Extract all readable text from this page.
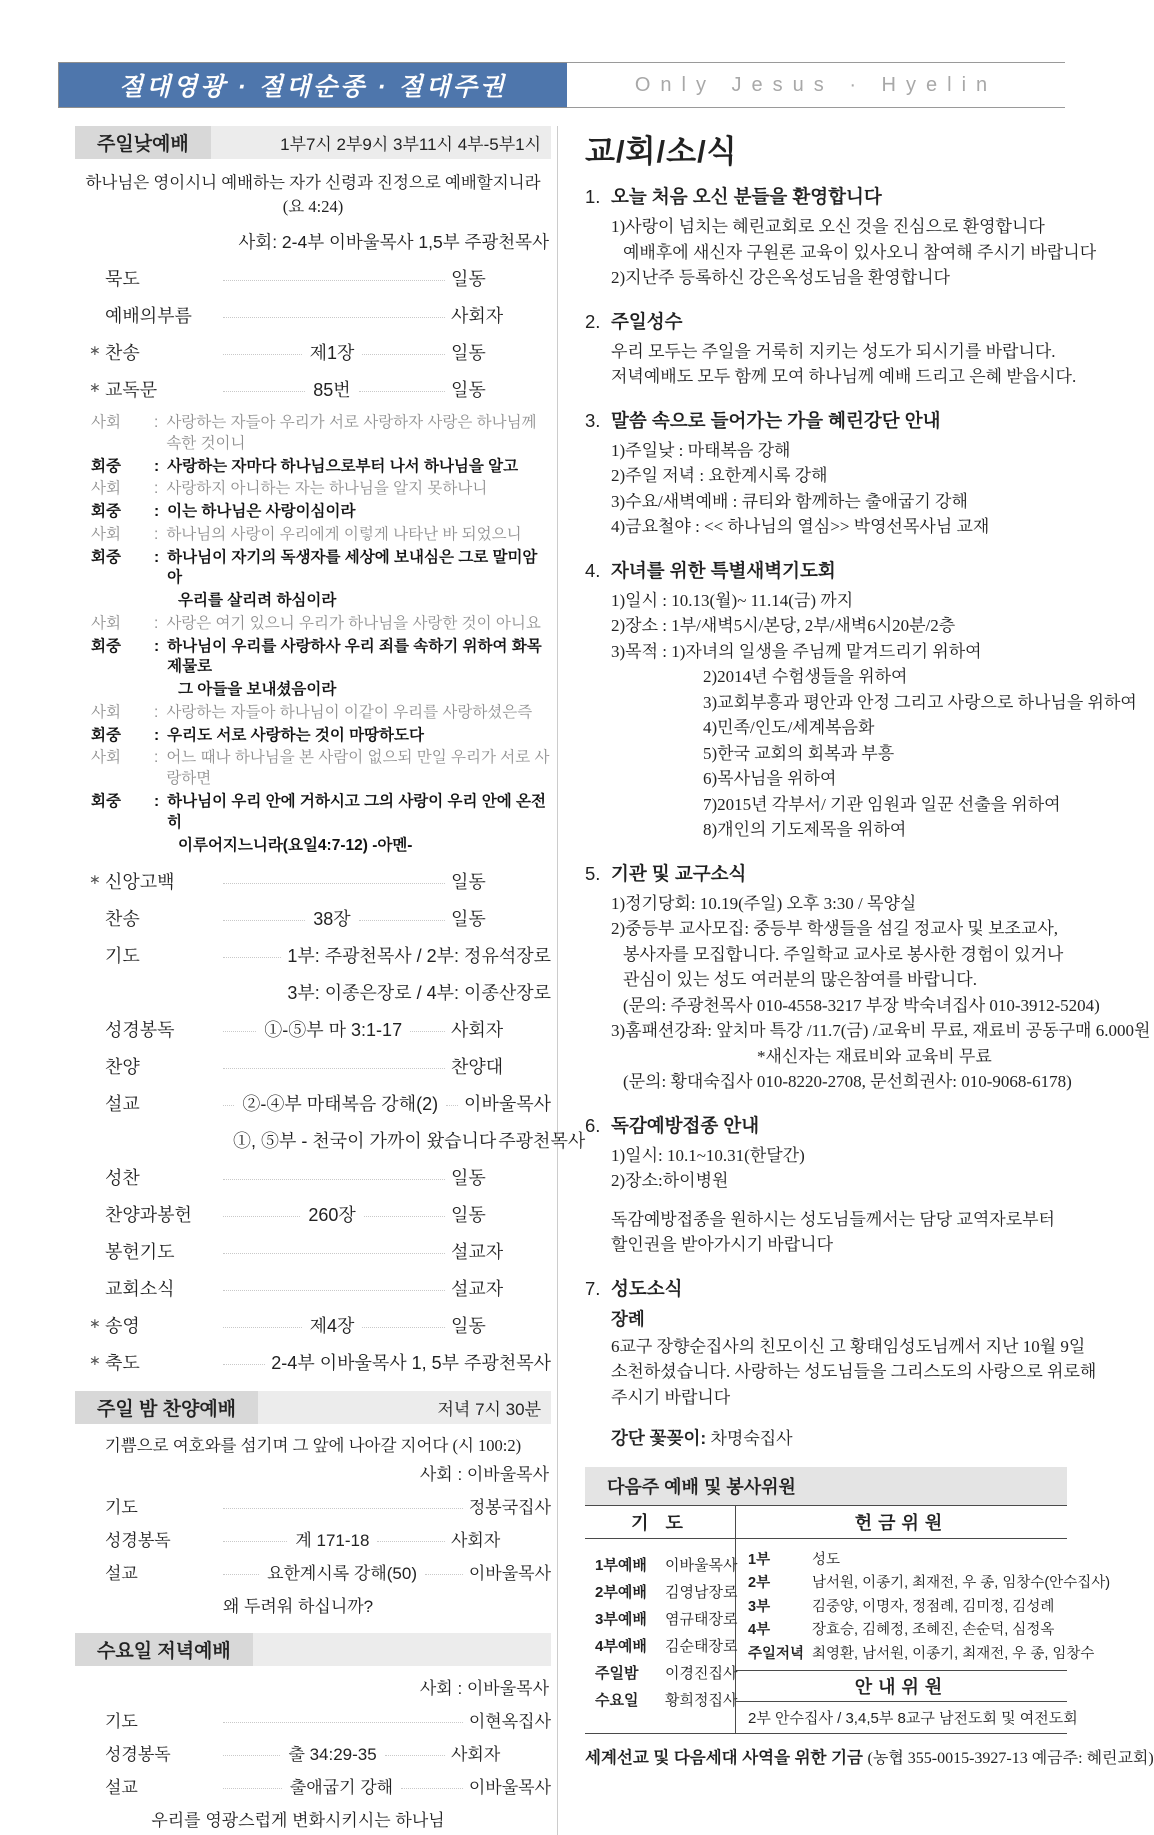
절대영광 · 절대순종 · 절대주권	Only Jesus · Hyelin
주일낮예배	1부7시 2부9시 3부11시 4부-5부1시
하나님은 영이시니 예배하는 자가 신령과 진정으로 예배할지니라 (요 4:24)
사회: 2-4부 이바울목사 1,5부 주광천목사
묵도	일동
예배의부름	사회자
∗ 찬송	제1장	일동
∗ 교독문	85번	일동
사회	: 사랑하는 자들아 우리가 서로 사랑하자 사랑은 하나님께 속한 것이니
회중	: 사랑하는 자마다 하나님으로부터 나서 하나님을 알고
사회	: 사랑하지 아니하는 자는 하나님을 알지 못하나니
회중	: 이는 하나님은 사랑이심이라
사회	: 하나님의 사랑이 우리에게 이렇게 나타난 바 되었으니
회중	: 하나님이 자기의 독생자를 세상에 보내심은 그로 말미암아
우리를 살리려 하심이라
사회	: 사랑은 여기 있으니 우리가 하나님을 사랑한 것이 아니요
회중	: 하나님이 우리를 사랑하사 우리 죄를 속하기 위하여 화목 제물로
그 아들을 보내셨음이라
사회	: 사랑하는 자들아 하나님이 이같이 우리를 사랑하셨은즉
회중	: 우리도 서로 사랑하는 것이 마땅하도다
사회	: 어느 때나 하나님을 본 사람이 없으되 만일 우리가 서로 사랑하면
회중	: 하나님이 우리 안에 거하시고 그의 사랑이 우리 안에 온전히
이루어지느니라(요일4:7-12) -아멘-
∗ 신앙고백	일동
찬송	38장	일동
기도	1부: 주광천목사 / 2부: 정유석장로
3부: 이종은장로 / 4부: 이종산장로
성경봉독	①-⑤부 마 3:1-17	사회자
찬양	찬양대
설교	②-④부 마태복음 강해(2) 이바울목사
①, ⑤부 - 천국이 가까이 왔습니다 주광천목사
성찬	일동
찬양과봉헌	260장	일동
봉헌기도	설교자
교회소식	설교자
∗ 송영	제4장	일동
∗ 축도	2-4부 이바울목사 1, 5부 주광천목사
주일 밤 찬양예배	저녁 7시 30분
기쁨으로 여호와를 섬기며 그 앞에 나아갈 지어다 (시 100:2)
사회 : 이바울목사
기도	정봉국집사
성경봉독	계 171-18	사회자
설교	요한계시록 강해(50)	이바울목사
왜 두려워 하십니까?
수요일 저녁예배
사회 : 이바울목사
기도	이현옥집사
성경봉독	출 34:29-35	사회자
설교	출애굽기 강해	이바울목사
우리를 영광스럽게 변화시키시는 하나님
교/회/소/식
1. 오늘 처음 오신 분들을 환영합니다
1)사랑이 넘치는 혜린교회로 오신 것을 진심으로 환영합니다
예배후에 새신자 구원론 교육이 있사오니 참여해 주시기 바랍니다
2)지난주 등록하신 강은옥성도님을 환영합니다
2. 주일성수
우리 모두는 주일을 거룩히 지키는 성도가 되시기를 바랍니다.
저녁예배도 모두 함께 모여 하나님께 예배 드리고 은혜 받읍시다.
3. 말씀 속으로 들어가는 가을 혜린강단 안내
1)주일낮 : 마태복음 강해
2)주일 저녁 : 요한계시록 강해
3)수요/새벽예배 : 큐티와 함께하는 출애굽기 강해
4)금요철야 : << 하나님의 열심>> 박영선목사님 교재
4. 자녀를 위한 특별새벽기도회
1)일시 : 10.13(월)~ 11.14(금) 까지
2)장소 : 1부/새벽5시/본당, 2부/새벽6시20분/2층
3)목적 : 1)자녀의 일생을 주님께 맡겨드리기 위하여
2)2014년 수험생들을 위하여
3)교회부흥과 평안과 안정 그리고 사랑으로 하나님을 위하여
4)민족/인도/세계복음화
5)한국 교회의 회복과 부흥
6)목사님을 위하여
7)2015년 각부서/ 기관 임원과 일꾼 선출을 위하여
8)개인의 기도제목을 위하여
5. 기관 및 교구소식
1)정기당회: 10.19(주일) 오후 3:30 / 목양실
2)중등부 교사모집: 중등부 학생들을 섬길 정교사 및 보조교사,
봉사자를 모집합니다. 주일학교 교사로 봉사한 경험이 있거나
관심이 있는 성도 여러분의 많은참여를 바랍니다.
(문의: 주광천목사 010-4558-3217 부장 박숙녀집사 010-3912-5204)
3)홈패션강좌: 앞치마 특강 /11.7(금) /교육비 무료, 재료비 공동구매 6.000원
*새신자는 재료비와 교육비 무료
(문의: 황대숙집사 010-8220-2708, 문선희권사: 010-9068-6178)
6. 독감예방접종 안내
1)일시: 10.1~10.31(한달간)
2)장소:하이병원
독감예방접종을 원하시는 성도님들께서는 담당 교역자로부터
할인권을 받아가시기 바랍니다
7. 성도소식
장례
6교구 장향순집사의 친모이신 고 황태임성도님께서 지난 10월 9일
소천하셨습니다. 사랑하는 성도님들을 그리스도의 사랑으로 위로해
주시기 바랍니다
강단 꽃꽂이: 차명숙집사
다음주 예배 및 봉사위원
기 도
1부예배	이바울목사
2부예배	김영남장로
3부예배	염규태장로
4부예배	김순태장로
주일밤	이경진집사
수요일	황희정집사
헌금위원
1부	성도
2부	남서원, 이종기, 최재전, 우 종, 임창수(안수집사)
3부	김중양, 이명자, 정점례, 김미정, 김성례
4부	장효승, 김혜정, 조혜진, 손순덕, 심정옥
주일저녁 최영환, 남서원, 이종기, 최재전, 우 종, 임창수
안내위원
2부 안수집사 / 3,4,5부 8교구 남전도회 및 여전도회
세계선교 및 다음세대 사역을 위한 기금 (농협 355-0015-3927-13 예금주: 혜린교회)
